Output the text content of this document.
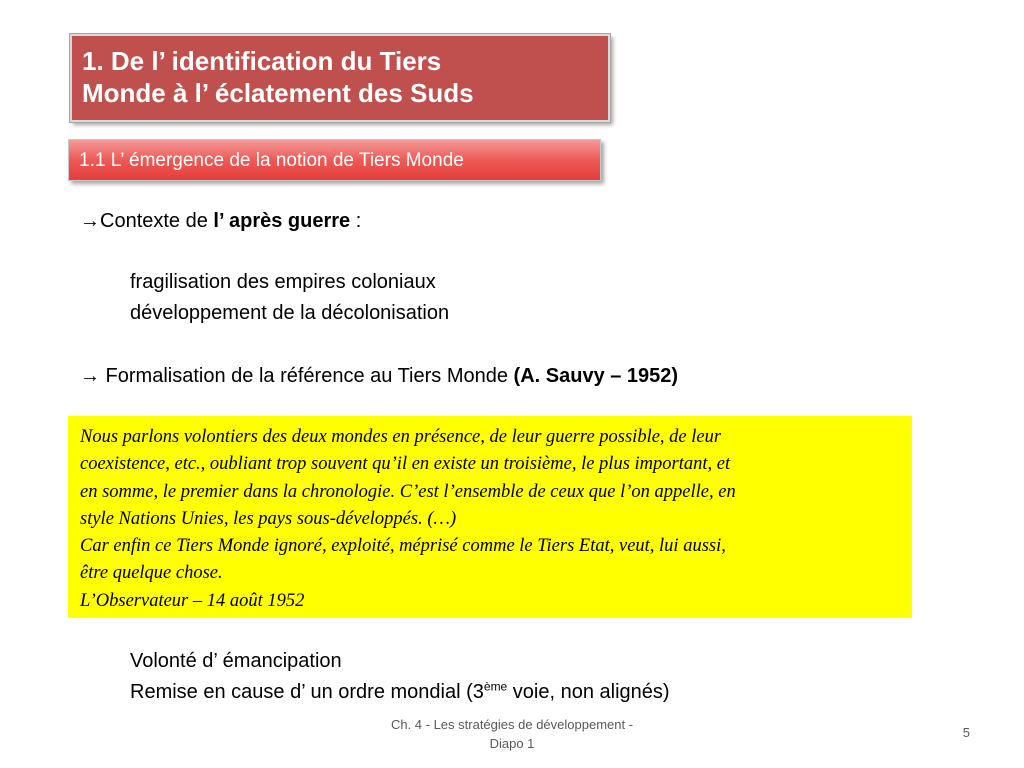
1. De l’ identification du Tiers
Monde à l’ éclatement des Suds
1.1 L’ émergence de la notion de Tiers Monde
→Contexte de l’ après guerre :
fragilisation des empires coloniaux
développement de la décolonisation
→ Formalisation de la référence au Tiers Monde (A. Sauvy – 1952)
Nous parlons volontiers des deux mondes en présence, de leur guerre possible, de leur
coexistence, etc., oubliant trop souvent qu’il en existe un troisième, le plus important, et
en somme, le premier dans la chronologie. C’est l’ensemble de ceux que l’on appelle, en
style Nations Unies, les pays sous-développés. (…)
Car enfin ce Tiers Monde ignoré, exploité, méprisé comme le Tiers Etat, veut, lui aussi,
être quelque chose.
L’Observateur – 14 août 1952
Volonté d’ émancipation
Remise en cause d’ un ordre mondial (3ème voie, non alignés)
Ch. 4 - Les stratégies de développement -
Diapo 1
5
